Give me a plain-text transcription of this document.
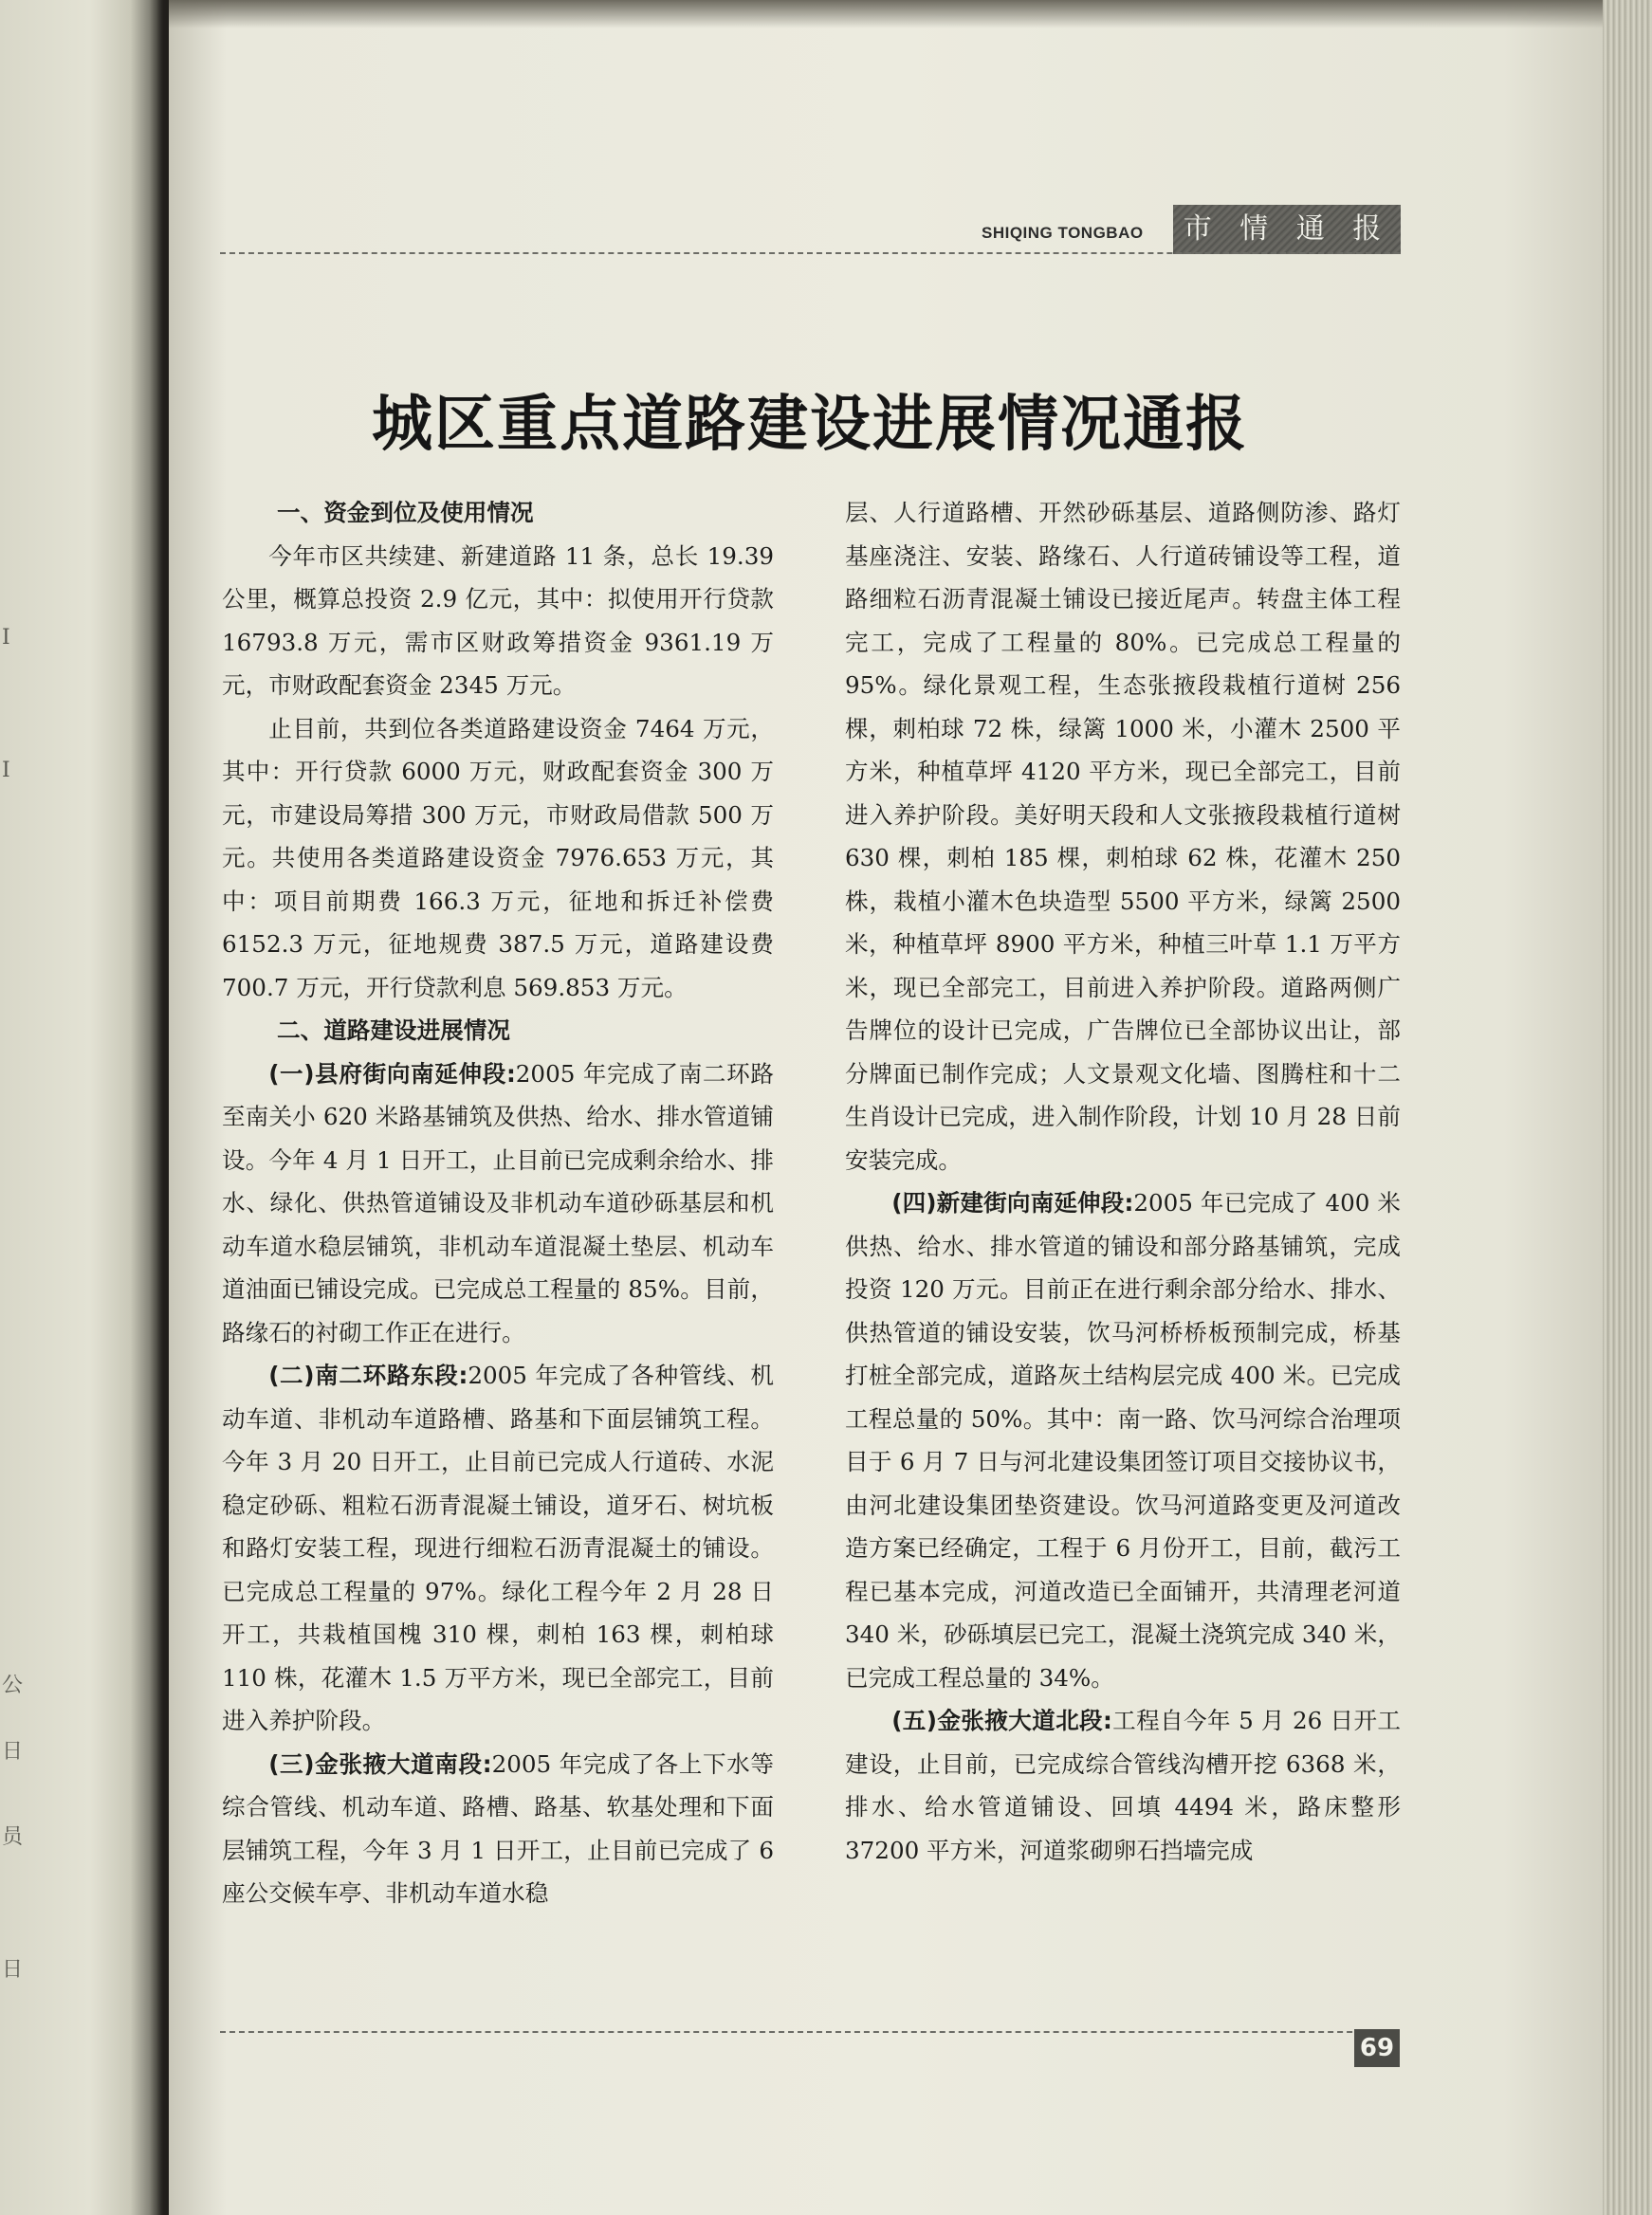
I
I
公
日
员
日
SHIQING TONGBAO	市 情 通 报
城区重点道路建设进展情况通报
一、资金到位及使用情况

今年市区共续建、新建道路 11 条，总长 19.39 公里，概算总投资 2.9 亿元，其中：拟使用开行贷款 16793.8 万元，需市区财政筹措资金 9361.19 万元，市财政配套资金 2345 万元。

止目前，共到位各类道路建设资金 7464 万元，其中：开行贷款 6000 万元，财政配套资金 300 万元，市建设局筹措 300 万元，市财政局借款 500 万元。共使用各类道路建设资金 7976.653 万元，其中：项目前期费 166.3 万元，征地和拆迁补偿费 6152.3 万元，征地规费 387.5 万元，道路建设费 700.7 万元，开行贷款利息 569.853 万元。

二、道路建设进展情况

(一)县府街向南延伸段:2005 年完成了南二环路至南关小 620 米路基铺筑及供热、给水、排水管道铺设。今年 4 月 1 日开工，止目前已完成剩余给水、排水、绿化、供热管道铺设及非机动车道砂砾基层和机动车道水稳层铺筑，非机动车道混凝土垫层、机动车道油面已铺设完成。已完成总工程量的 85%。目前，路缘石的衬砌工作正在进行。

(二)南二环路东段:2005 年完成了各种管线、机动车道、非机动车道路槽、路基和下面层铺筑工程。今年 3 月 20 日开工，止目前已完成人行道砖、水泥稳定砂砾、粗粒石沥青混凝土铺设，道牙石、树坑板和路灯安装工程，现进行细粒石沥青混凝土的铺设。已完成总工程量的 97%。绿化工程今年 2 月 28 日开工，共栽植国槐 310 棵，刺柏 163 棵，刺柏球 110 株，花灌木 1.5 万平方米，现已全部完工，目前进入养护阶段。

(三)金张掖大道南段:2005 年完成了各上下水等综合管线、机动车道、路槽、路基、软基处理和下面层铺筑工程，今年 3 月 1 日开工，止目前已完成了 6 座公交候车亭、非机动车道水稳

层、人行道路槽、开然砂砾基层、道路侧防渗、路灯基座浇注、安装、路缘石、人行道砖铺设等工程，道路细粒石沥青混凝土铺设已接近尾声。转盘主体工程完工，完成了工程量的 80%。已完成总工程量的 95%。绿化景观工程，生态张掖段栽植行道树 256 棵，刺柏球 72 株，绿篱 1000 米，小灌木 2500 平方米，种植草坪 4120 平方米，现已全部完工，目前进入养护阶段。美好明天段和人文张掖段栽植行道树 630 棵，刺柏 185 棵，刺柏球 62 株，花灌木 250 株，栽植小灌木色块造型 5500 平方米，绿篱 2500 米，种植草坪 8900 平方米，种植三叶草 1.1 万平方米，现已全部完工，目前进入养护阶段。道路两侧广告牌位的设计已完成，广告牌位已全部协议出让，部分牌面已制作完成；人文景观文化墙、图腾柱和十二生肖设计已完成，进入制作阶段，计划 10 月 28 日前安装完成。

(四)新建街向南延伸段:2005 年已完成了 400 米供热、给水、排水管道的铺设和部分路基铺筑，完成投资 120 万元。目前正在进行剩余部分给水、排水、供热管道的铺设安装，饮马河桥桥板预制完成，桥基打桩全部完成，道路灰土结构层完成 400 米。已完成工程总量的 50%。其中：南一路、饮马河综合治理项目于 6 月 7 日与河北建设集团签订项目交接协议书，由河北建设集团垫资建设。饮马河道路变更及河道改造方案已经确定，工程于 6 月份开工，目前，截污工程已基本完成，河道改造已全面铺开，共清理老河道 340 米，砂砾填层已完工，混凝土浇筑完成 340 米，已完成工程总量的 34%。

(五)金张掖大道北段:工程自今年 5 月 26 日开工建设，止目前，已完成综合管线沟槽开挖 6368 米，排水、给水管道铺设、回填 4494 米，路床整形 37200 平方米，河道浆砌卵石挡墙完成

69
